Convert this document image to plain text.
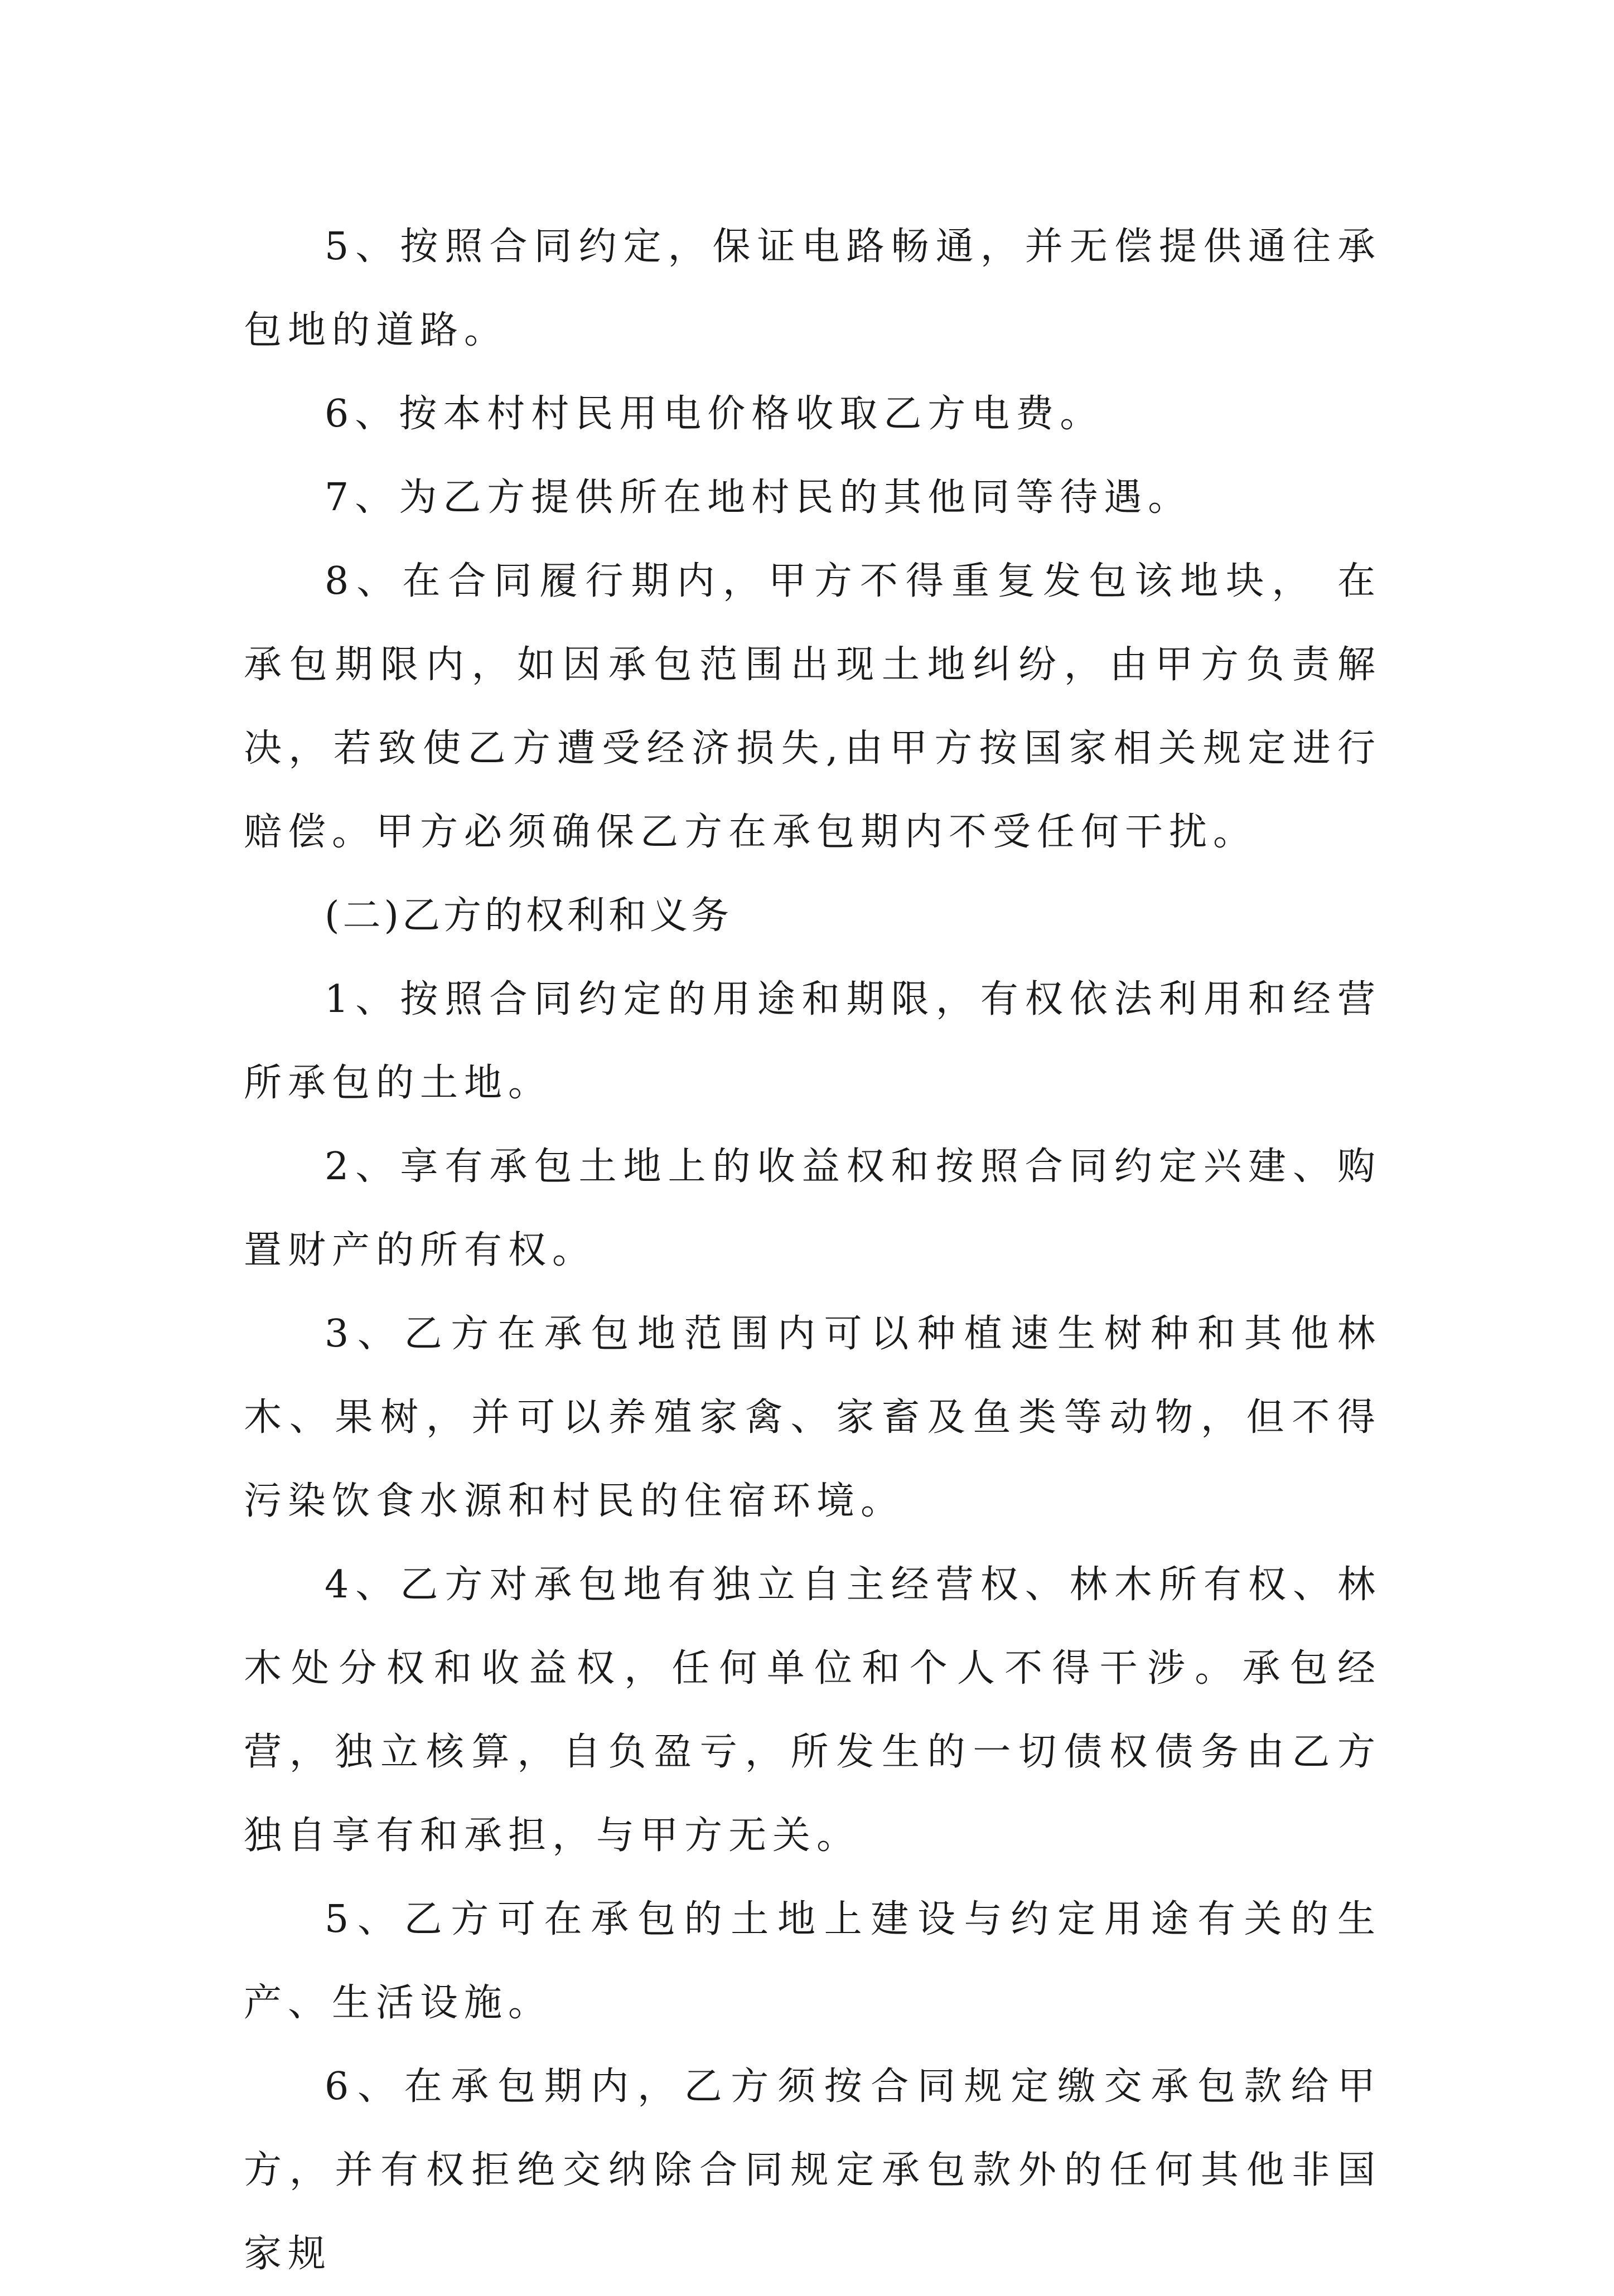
5、按照合同约定，保证电路畅通，并无偿提供通往承包地的道路。

6、按本村村民用电价格收取乙方电费。

7、为乙方提供所在地村民的其他同等待遇。

8、在合同履行期内，甲方不得重复发包该地块， 在承包期限内，如因承包范围出现土地纠纷，由甲方负责解决，若致使乙方遭受经济损失,由甲方按国家相关规定进行赔偿。甲方必须确保乙方在承包期内不受任何干扰。

(二)乙方的权利和义务

1、按照合同约定的用途和期限，有权依法利用和经营所承包的土地。

2、享有承包土地上的收益权和按照合同约定兴建、购置财产的所有权。

3、乙方在承包地范围内可以种植速生树种和其他林木、果树，并可以养殖家禽、家畜及鱼类等动物，但不得污染饮食水源和村民的住宿环境。

4、乙方对承包地有独立自主经营权、林木所有权、林木处分权和收益权，任何单位和个人不得干涉。承包经营，独立核算，自负盈亏，所发生的一切债权债务由乙方独自享有和承担，与甲方无关。

5、乙方可在承包的土地上建设与约定用途有关的生产、生活设施。

6、在承包期内，乙方须按合同规定缴交承包款给甲方，并有权拒绝交纳除合同规定承包款外的任何其他非国家规
